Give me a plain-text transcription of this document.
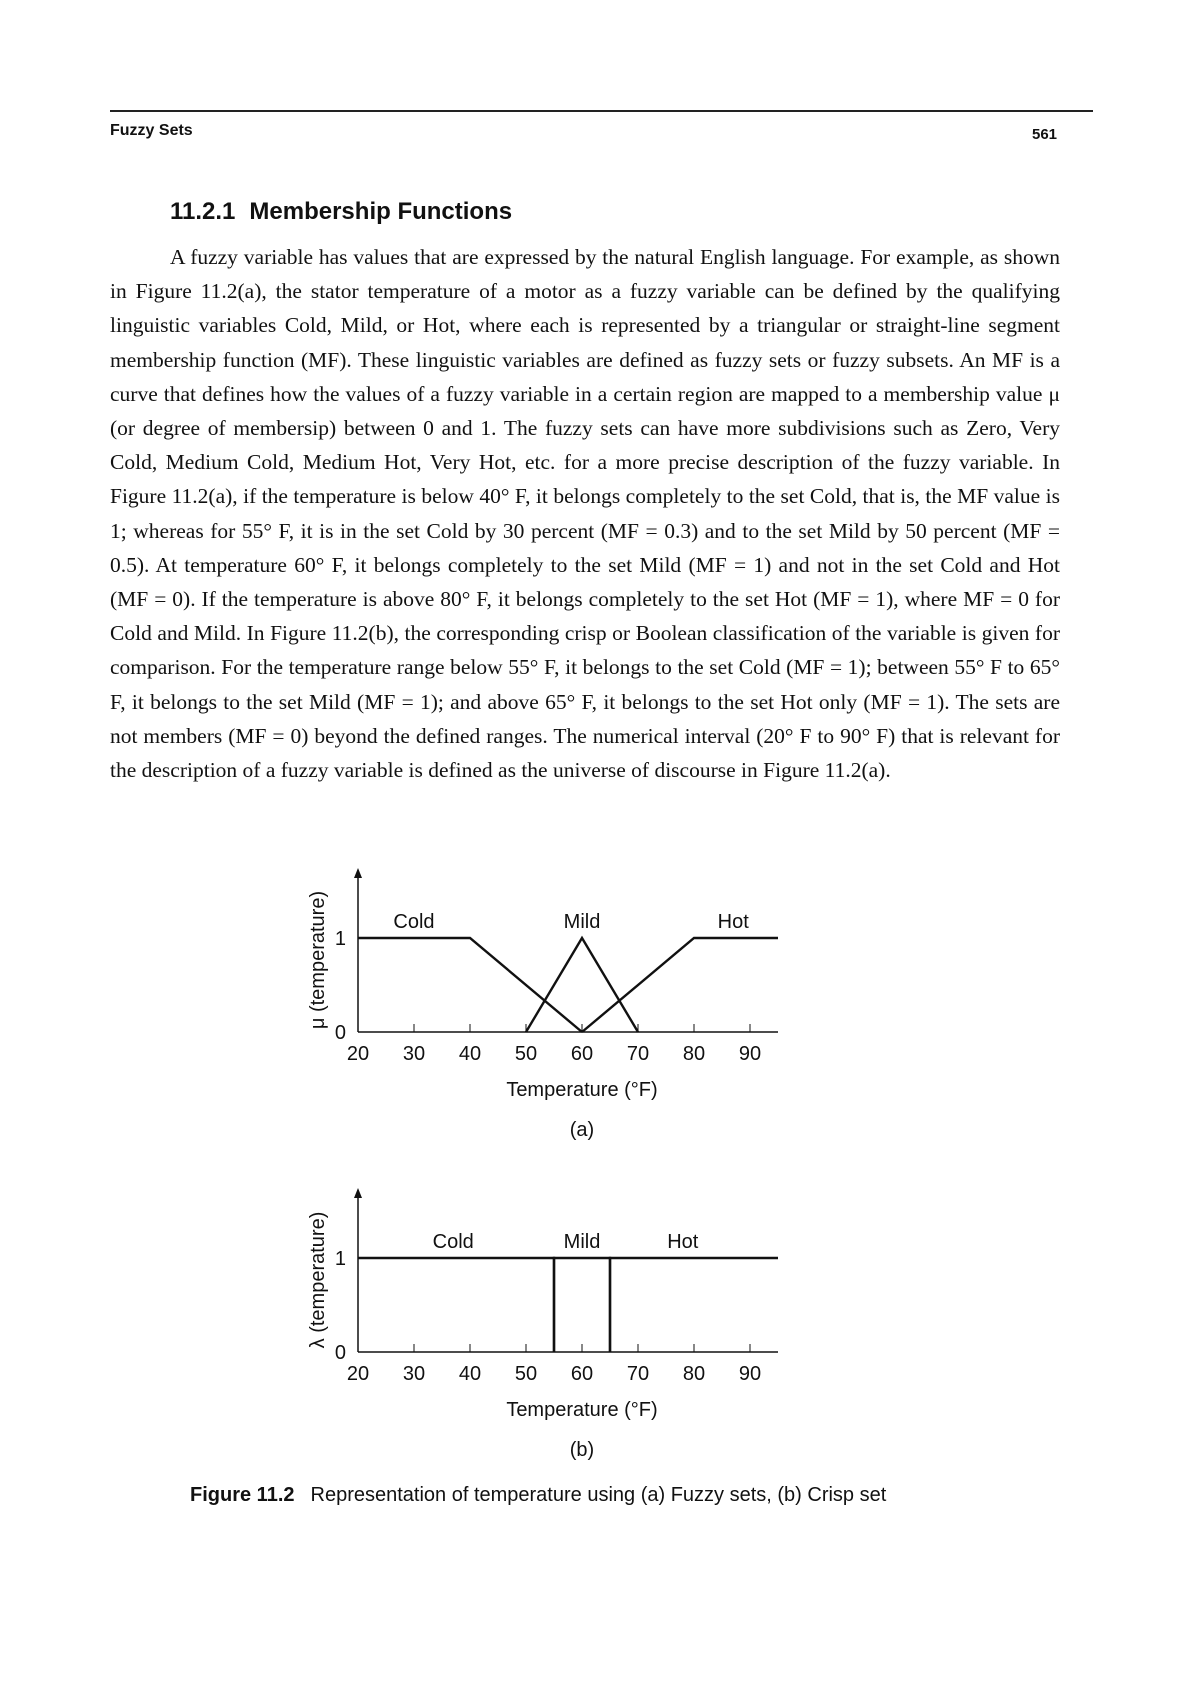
Fuzzy Sets	561
11.2.1 Membership Functions

A fuzzy variable has values that are expressed by the natural English language. For example, as shown in Figure 11.2(a), the stator temperature of a motor as a fuzzy variable can be defined by the qualifying linguistic variables Cold, Mild, or Hot, where each is represented by a triangular or straight-line segment membership function (MF). These linguistic variables are defined as fuzzy sets or fuzzy subsets. An MF is a curve that defines how the values of a fuzzy variable in a certain region are mapped to a membership value μ (or degree of membersip) between 0 and 1. The fuzzy sets can have more subdivisions such as Zero, Very Cold, Medium Cold, Medium Hot, Very Hot, etc. for a more precise description of the fuzzy variable. In Figure 11.2(a), if the temperature is below 40° F, it belongs completely to the set Cold, that is, the MF value is 1; whereas for 55° F, it is in the set Cold by 30 percent (MF = 0.3) and to the set Mild by 50 percent (MF = 0.5). At temperature 60° F, it belongs completely to the set Mild (MF = 1) and not in the set Cold and Hot (MF = 0). If the temperature is above 80° F, it belongs completely to the set Hot (MF = 1), where MF = 0 for Cold and Mild. In Figure 11.2(b), the corresponding crisp or Boolean classification of the variable is given for comparison. For the temperature range below 55° F, it belongs to the set Cold (MF = 1); between 55° F to 65° F, it belongs to the set Mild (MF = 1); and above 65° F, it belongs to the set Hot only (MF = 1). The sets are not members (MF = 0) beyond the defined ranges. The numerical interval (20° F to 90° F) that is relevant for the description of a fuzzy variable is defined as the universe of discourse in Figure 11.2(a).

20 30 40 50 60 70 80 90
0
1
Cold	Mild	Hot
Temperature (°F)
μ (temperature)
(a)
20 30 40 50 60 70 80 90
0
1
Cold	Mild	Hot
Temperature (°F)
λ (temperature)
(b)

Figure 11.2 Representation of temperature using (a) Fuzzy sets, (b) Crisp set
